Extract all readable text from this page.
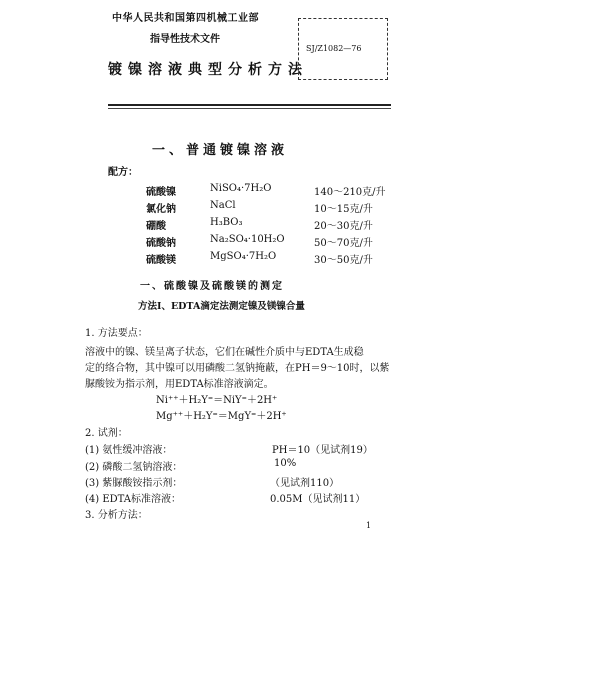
中华人民共和国第四机械工业部
指导性技术文件
镀镍溶液典型分析方法
SJ/Z1082—76
一、普通镀镍溶液
配方：
硫酸镍	NiSO₄·7H₂O	140～210克/升
氯化钠	NaCl	10～15克/升
硼酸	H₃BO₃	20～30克/升
硫酸钠	Na₂SO₄·10H₂O	50～70克/升
硫酸镁	MgSO₄·7H₂O	30～50克/升
一、硫酸镍及硫酸镁的测定
方法Ⅰ、EDTA滴定法测定镍及镁镍合量
1. 方法要点：
溶液中的镍、镁呈离子状态，它们在碱性介质中与EDTA生成稳
定的络合物，其中镍可以用磷酸二氢钠掩蔽，在PH＝9～10时，以紫
脲酸铵为指示剂，用EDTA标准溶液滴定。
Ni⁺⁺＋H₂Y⁼＝NiY⁼＋2H⁺
Mg⁺⁺＋H₂Y⁼＝MgY⁼＋2H⁺
2. 试剂：
(1) 氨性缓冲溶液：	PH＝10（见试剂19）
(2) 磷酸二氢钠溶液：	10%
(3) 紫脲酸铵指示剂：	（见试剂110）
(4) EDTA标准溶液：	0.05M（见试剂11）
3. 分析方法：
1
